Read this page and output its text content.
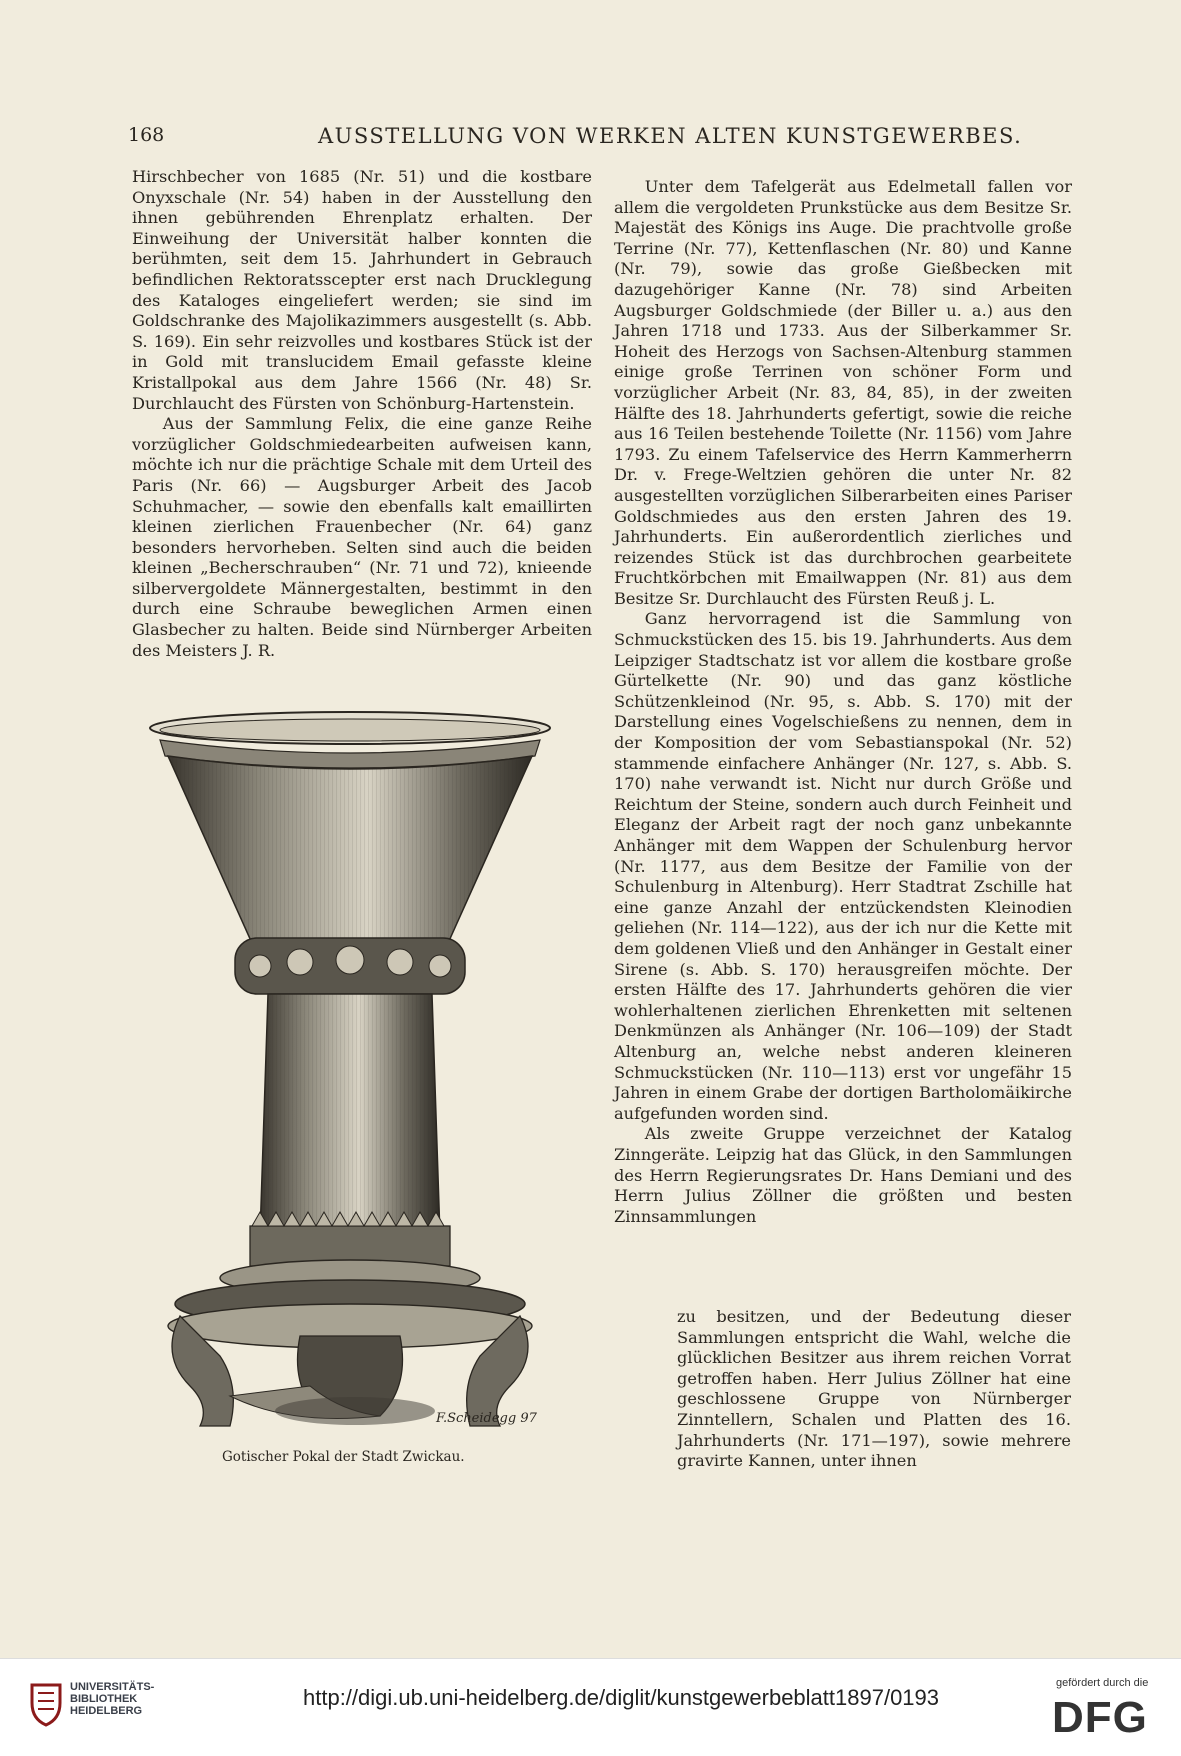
168	AUSSTELLUNG VON WERKEN ALTEN KUNSTGEWERBES.

Hirschbecher von 1685 (Nr. 51) und die kostbare Onyxschale (Nr. 54) haben in der Ausstellung den ihnen gebührenden Ehrenplatz erhalten. Der Einweihung der Universität halber konnten die berühmten, seit dem 15. Jahrhundert in Gebrauch befindlichen Rektoratsscepter erst nach Drucklegung des Kataloges eingeliefert werden; sie sind im Goldschranke des Majolikazimmers ausgestellt (s. Abb. S. 169). Ein sehr reizvolles und kostbares Stück ist der in Gold mit translucidem Email gefasste kleine Kristallpokal aus dem Jahre 1566 (Nr. 48) Sr. Durchlaucht des Fürsten von Schönburg-Hartenstein.

Aus der Sammlung Felix, die eine ganze Reihe vorzüglicher Goldschmiedearbeiten aufweisen kann, möchte ich nur die prächtige Schale mit dem Urteil des Paris (Nr. 66) — Augsburger Arbeit des Jacob Schuhmacher, — sowie den ebenfalls kalt emaillirten kleinen zierlichen Frauenbecher (Nr. 64) ganz besonders hervorheben. Selten sind auch die beiden kleinen „Becherschrauben“ (Nr. 71 und 72), knieende silbervergoldete Männergestalten, bestimmt in den durch eine Schraube beweglichen Armen einen Glasbecher zu halten. Beide sind Nürnberger Arbeiten des Meisters J. R.

Unter dem Tafelgerät aus Edelmetall fallen vor allem die vergoldeten Prunkstücke aus dem Besitze Sr. Majestät des Königs ins Auge. Die prachtvolle große Terrine (Nr. 77), Kettenflaschen (Nr. 80) und Kanne (Nr. 79), sowie das große Gießbecken mit dazugehöriger Kanne (Nr. 78) sind Arbeiten Augsburger Goldschmiede (der Biller u. a.) aus den Jahren 1718 und 1733. Aus der Silberkammer Sr. Hoheit des Herzogs von Sachsen-Altenburg stammen einige große Terrinen von schöner Form und vorzüglicher Arbeit (Nr. 83, 84, 85), in der zweiten Hälfte des 18. Jahrhunderts gefertigt, sowie die reiche aus 16 Teilen bestehende Toilette (Nr. 1156) vom Jahre 1793. Zu einem Tafelservice des Herrn Kammerherrn Dr. v. Frege-Weltzien gehören die unter Nr. 82 ausgestellten vorzüglichen Silberarbeiten eines Pariser Goldschmiedes aus den ersten Jahren des 19. Jahrhunderts. Ein außerordentlich zierliches und reizendes Stück ist das durchbrochen gearbeitete Fruchtkörbchen mit Emailwappen (Nr. 81) aus dem Besitze Sr. Durchlaucht des Fürsten Reuß j. L.

Ganz hervorragend ist die Sammlung von Schmuckstücken des 15. bis 19. Jahrhunderts. Aus dem Leipziger Stadtschatz ist vor allem die kostbare große Gürtelkette (Nr. 90) und das ganz köstliche Schützenkleinod (Nr. 95, s. Abb. S. 170) mit der Darstellung eines Vogelschießens zu nennen, dem in der Komposition der vom Sebastianspokal (Nr. 52) stammende einfachere Anhänger (Nr. 127, s. Abb. S. 170) nahe verwandt ist. Nicht nur durch Größe und Reichtum der Steine, sondern auch durch Feinheit und Eleganz der Arbeit ragt der noch ganz unbekannte Anhänger mit dem Wappen der Schulenburg hervor (Nr. 1177, aus dem Besitze der Familie von der Schulenburg in Altenburg). Herr Stadtrat Zschille hat eine ganze Anzahl der entzückendsten Kleinodien geliehen (Nr. 114—122), aus der ich nur die Kette mit dem goldenen Vließ und den Anhänger in Gestalt einer Sirene (s. Abb. S. 170) herausgreifen möchte. Der ersten Hälfte des 17. Jahrhunderts gehören die vier wohlerhaltenen zierlichen Ehrenketten mit seltenen Denkmünzen als Anhänger (Nr. 106—109) der Stadt Altenburg an, welche nebst anderen kleineren Schmuckstücken (Nr. 110—113) erst vor ungefähr 15 Jahren in einem Grabe der dortigen Bartholomäikirche aufgefunden worden sind.

Als zweite Gruppe verzeichnet der Katalog Zinngeräte. Leipzig hat das Glück, in den Sammlungen des Herrn Regierungsrates Dr. Hans Demiani und des Herrn Julius Zöllner die größten und besten Zinnsammlungen

zu besitzen, und der Bedeutung dieser Sammlungen entspricht die Wahl, welche die glücklichen Besitzer aus ihrem reichen Vorrat getroffen haben. Herr Julius Zöllner hat eine geschlossene Gruppe von Nürnberger Zinntellern, Schalen und Platten des 16. Jahrhunderts (Nr. 171—197), sowie mehrere gravirte Kannen, unter ihnen

F.Scheidegg 97
Gotischer Pokal der Stadt Zwickau.
UNIVERSITÄTS-
BIBLIOTHEK
HEIDELBERG
http://digi.ub.uni-heidelberg.de/diglit/kunstgewerbeblatt1897/0193
gefördert durch die
DFG
